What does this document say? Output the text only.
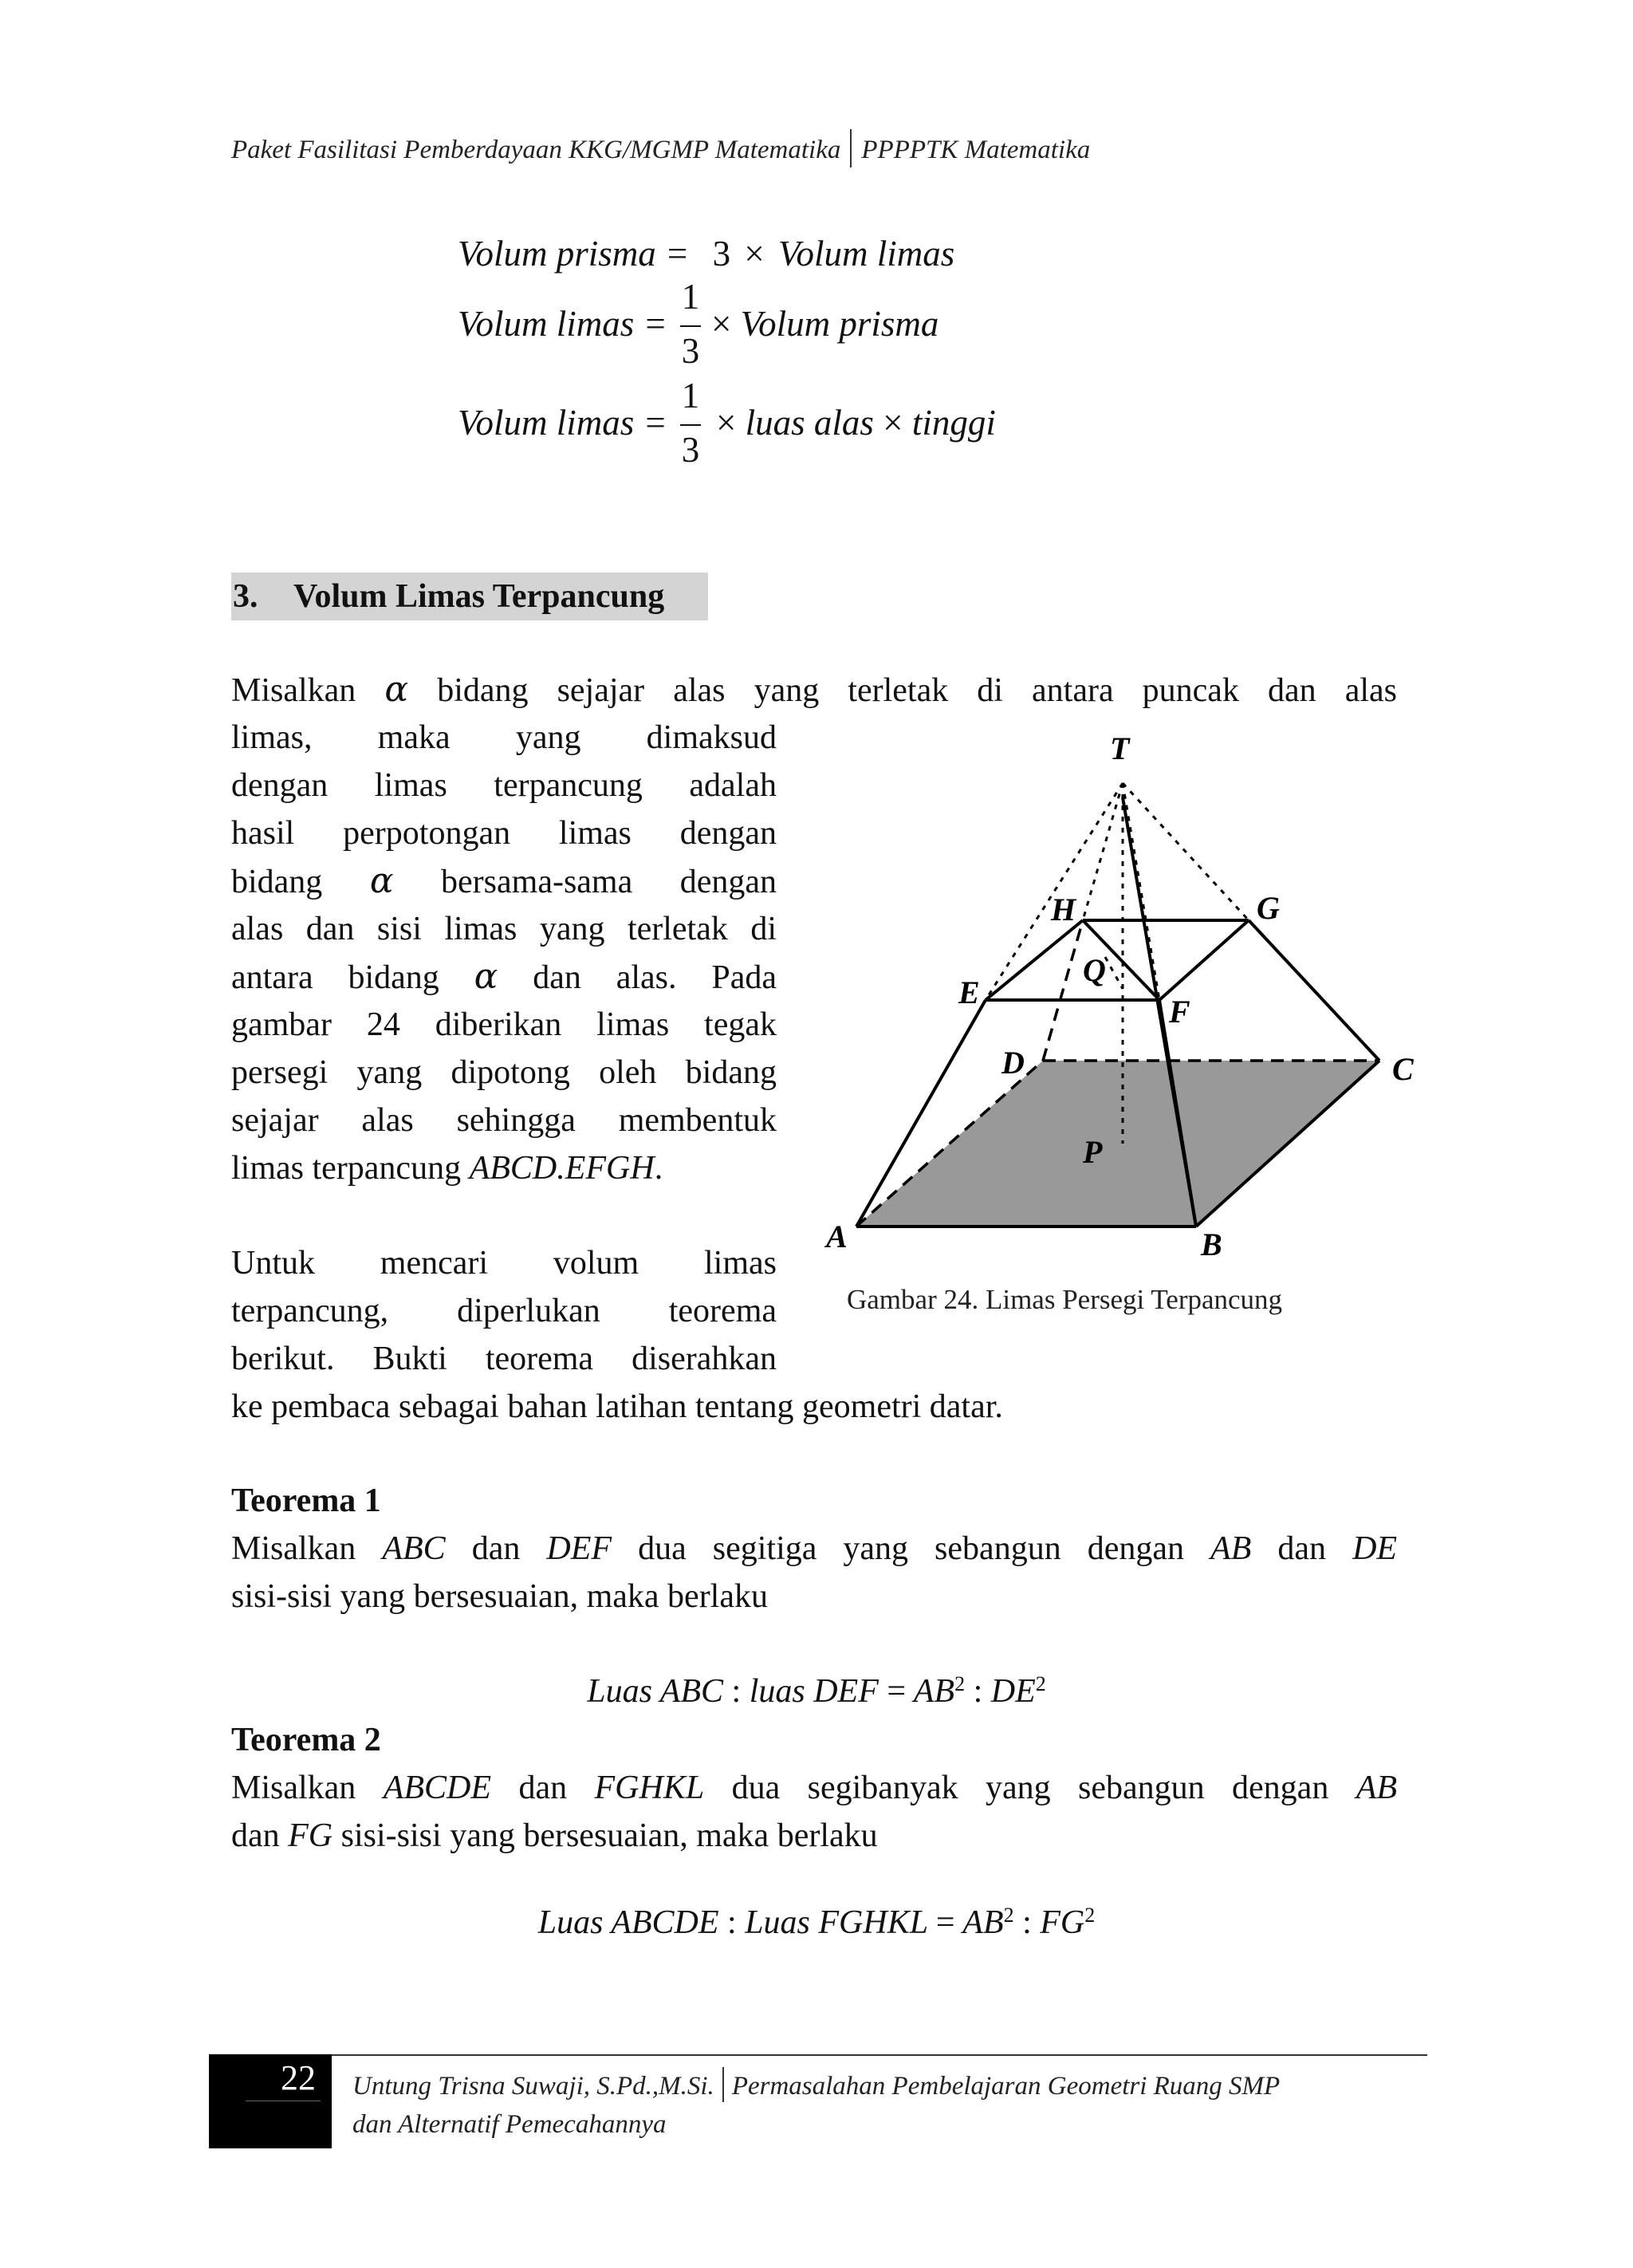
Paket Fasilitasi Pemberdayaan KKG/MGMP Matematika PPPPTK Matematika
Volum prisma = 3 × Volum limas
Volum limas =
1
3
× Volum prisma
Volum limas =
1
3
× luas alas × tinggi
3. Volum Limas Terpancung
Misalkan α bidang sejajar alas yang terletak di antara puncak dan alas
limas, maka yang dimaksud
dengan limas terpancung adalah
hasil perpotongan limas dengan
bidang α bersama-sama dengan
alas dan sisi limas yang terletak di
antara bidang α dan alas. Pada
gambar 24 diberikan limas tegak
persegi yang dipotong oleh bidang
sejajar alas sehingga membentuk
limas terpancung ABCD.EFGH.
Untuk mencari volum limas
terpancung, diperlukan teorema
berikut. Bukti teorema diserahkan
ke pembaca sebagai bahan latihan tentang geometri datar.
T
H	G
Q
E
F
D	C
P
A	B
Gambar 24. Limas Persegi Terpancung
Teorema 1
Misalkan ABC dan DEF dua segitiga yang sebangun dengan AB dan DE
sisi-sisi yang bersesuaian, maka berlaku
Luas ABC : luas DEF = $AB^2$ : $DE^2$
Teorema 2
Misalkan ABCDE dan FGHKL dua segibanyak yang sebangun dengan AB
dan FG sisi-sisi yang bersesuaian, maka berlaku
Luas ABCDE : Luas FGHKL = $AB^2$ : $FG^2$
22 Untung Trisna Suwaji, S.Pd.,M.Si. Permasalahan Pembelajaran Geometri Ruang SMP
dan Alternatif Pemecahannya
